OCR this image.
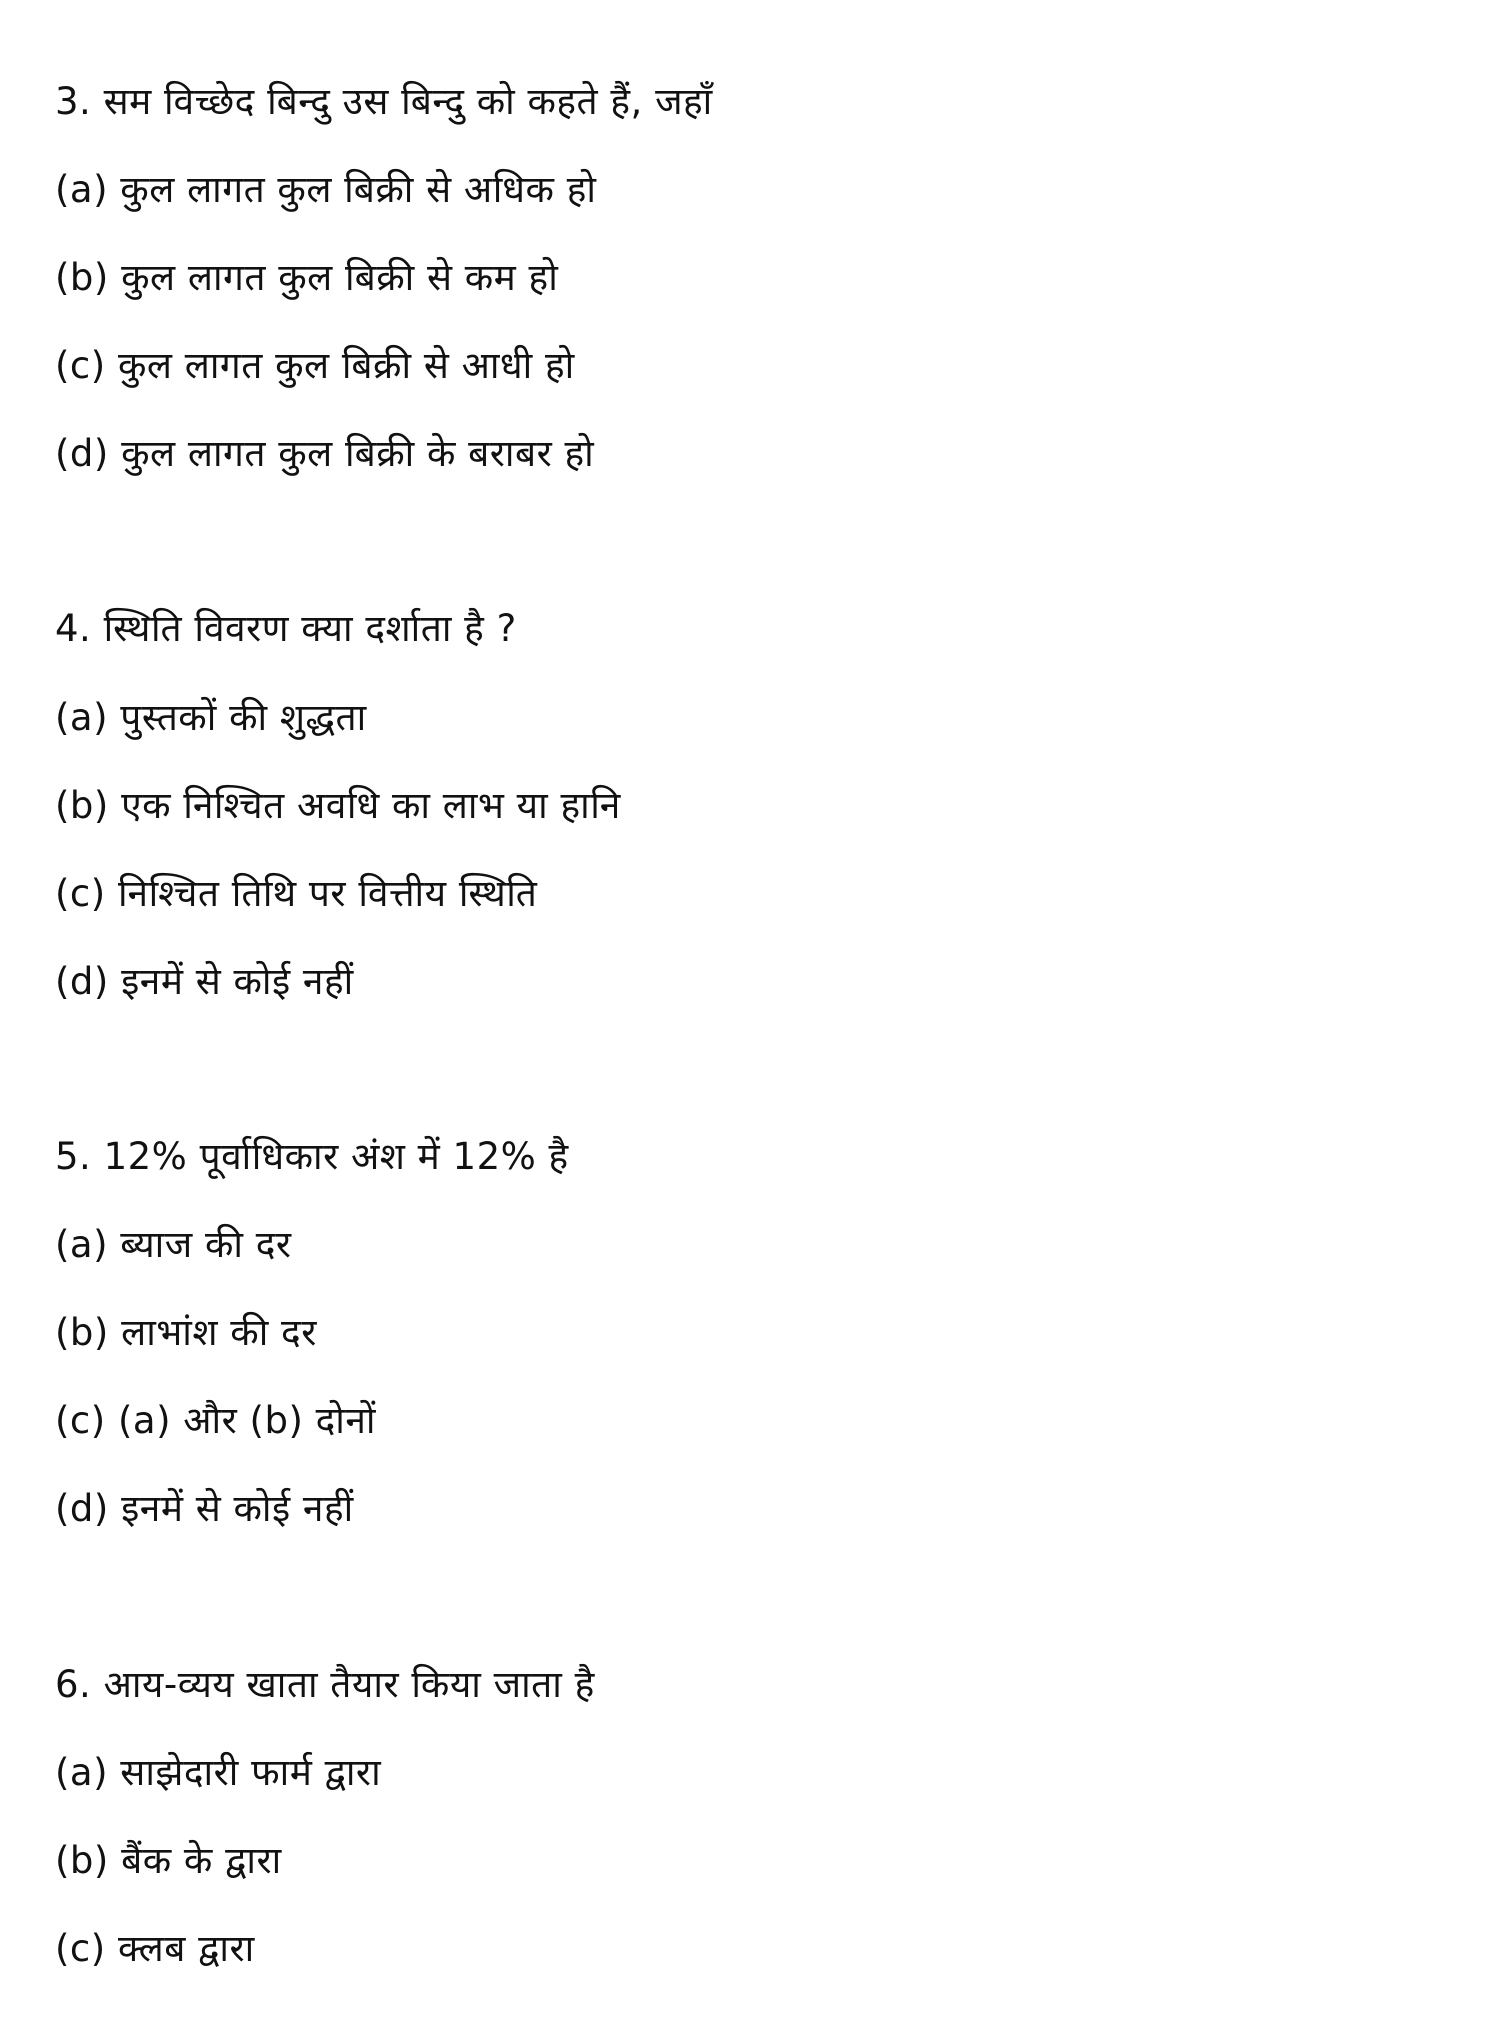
3. सम विच्छेद बिन्दु उस बिन्दु को कहते हैं, जहाँ
(a) कुल लागत कुल बिक्री से अधिक हो
(b) कुल लागत कुल बिक्री से कम हो
(c) कुल लागत कुल बिक्री से आधी हो
(d) कुल लागत कुल बिक्री के बराबर हो
4. स्थिति विवरण क्या दर्शाता है ?
(a) पुस्तकों की शुद्धता
(b) एक निश्चित अवधि का लाभ या हानि
(c) निश्चित तिथि पर वित्तीय स्थिति
(d) इनमें से कोई नहीं
5. 12% पूर्वाधिकार अंश में 12% है
(a) ब्याज की दर
(b) लाभांश की दर
(c) (a) और (b) दोनों
(d) इनमें से कोई नहीं
6. आय-व्यय खाता तैयार किया जाता है
(a) साझेदारी फार्म द्वारा
(b) बैंक के द्वारा
(c) क्लब द्वारा
